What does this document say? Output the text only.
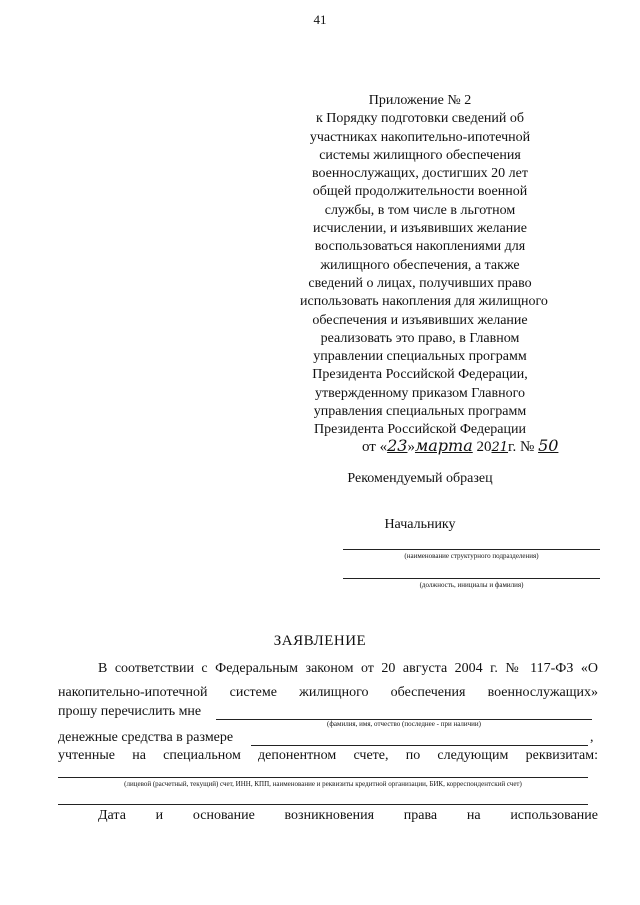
41
Приложение № 2
к Порядку подготовки сведений об
участниках накопительно-ипотечной
системы жилищного обеспечения
военнослужащих, достигших 20 лет
общей продолжительности военной
службы, в том числе в льготном
исчислении, и изъявивших желание
воспользоваться накоплениями для
жилищного обеспечения, а также
сведений о лицах, получивших право
использовать накопления для жилищного
обеспечения и изъявивших желание
реализовать это право, в Главном
управлении специальных программ
Президента Российской Федерации,
утвержденному приказом Главного
управления специальных программ
Президента Российской Федерации
от «23»марта 2021г. № 50
Рекомендуемый образец
Начальнику
(наименование структурного подразделения)
(должность, инициалы и фамилия)
ЗАЯВЛЕНИЕ
В соответствии с Федеральным законом от 20 августа 2004 г. № 117-ФЗ «О
накопительно-ипотечной системе жилищного обеспечения военнослужащих»
прошу перечислить мне
(фамилия, имя, отчество (последнее - при наличии)
денежные средства в размере	,
учтенные на специальном депонентном счете, по следующим реквизитам:
(лицевой (расчетный, текущий) счет, ИНН, КПП, наименование и реквизиты кредитной организации, БИК, корреспондентский счет)
Дата и основание возникновения права на использование
